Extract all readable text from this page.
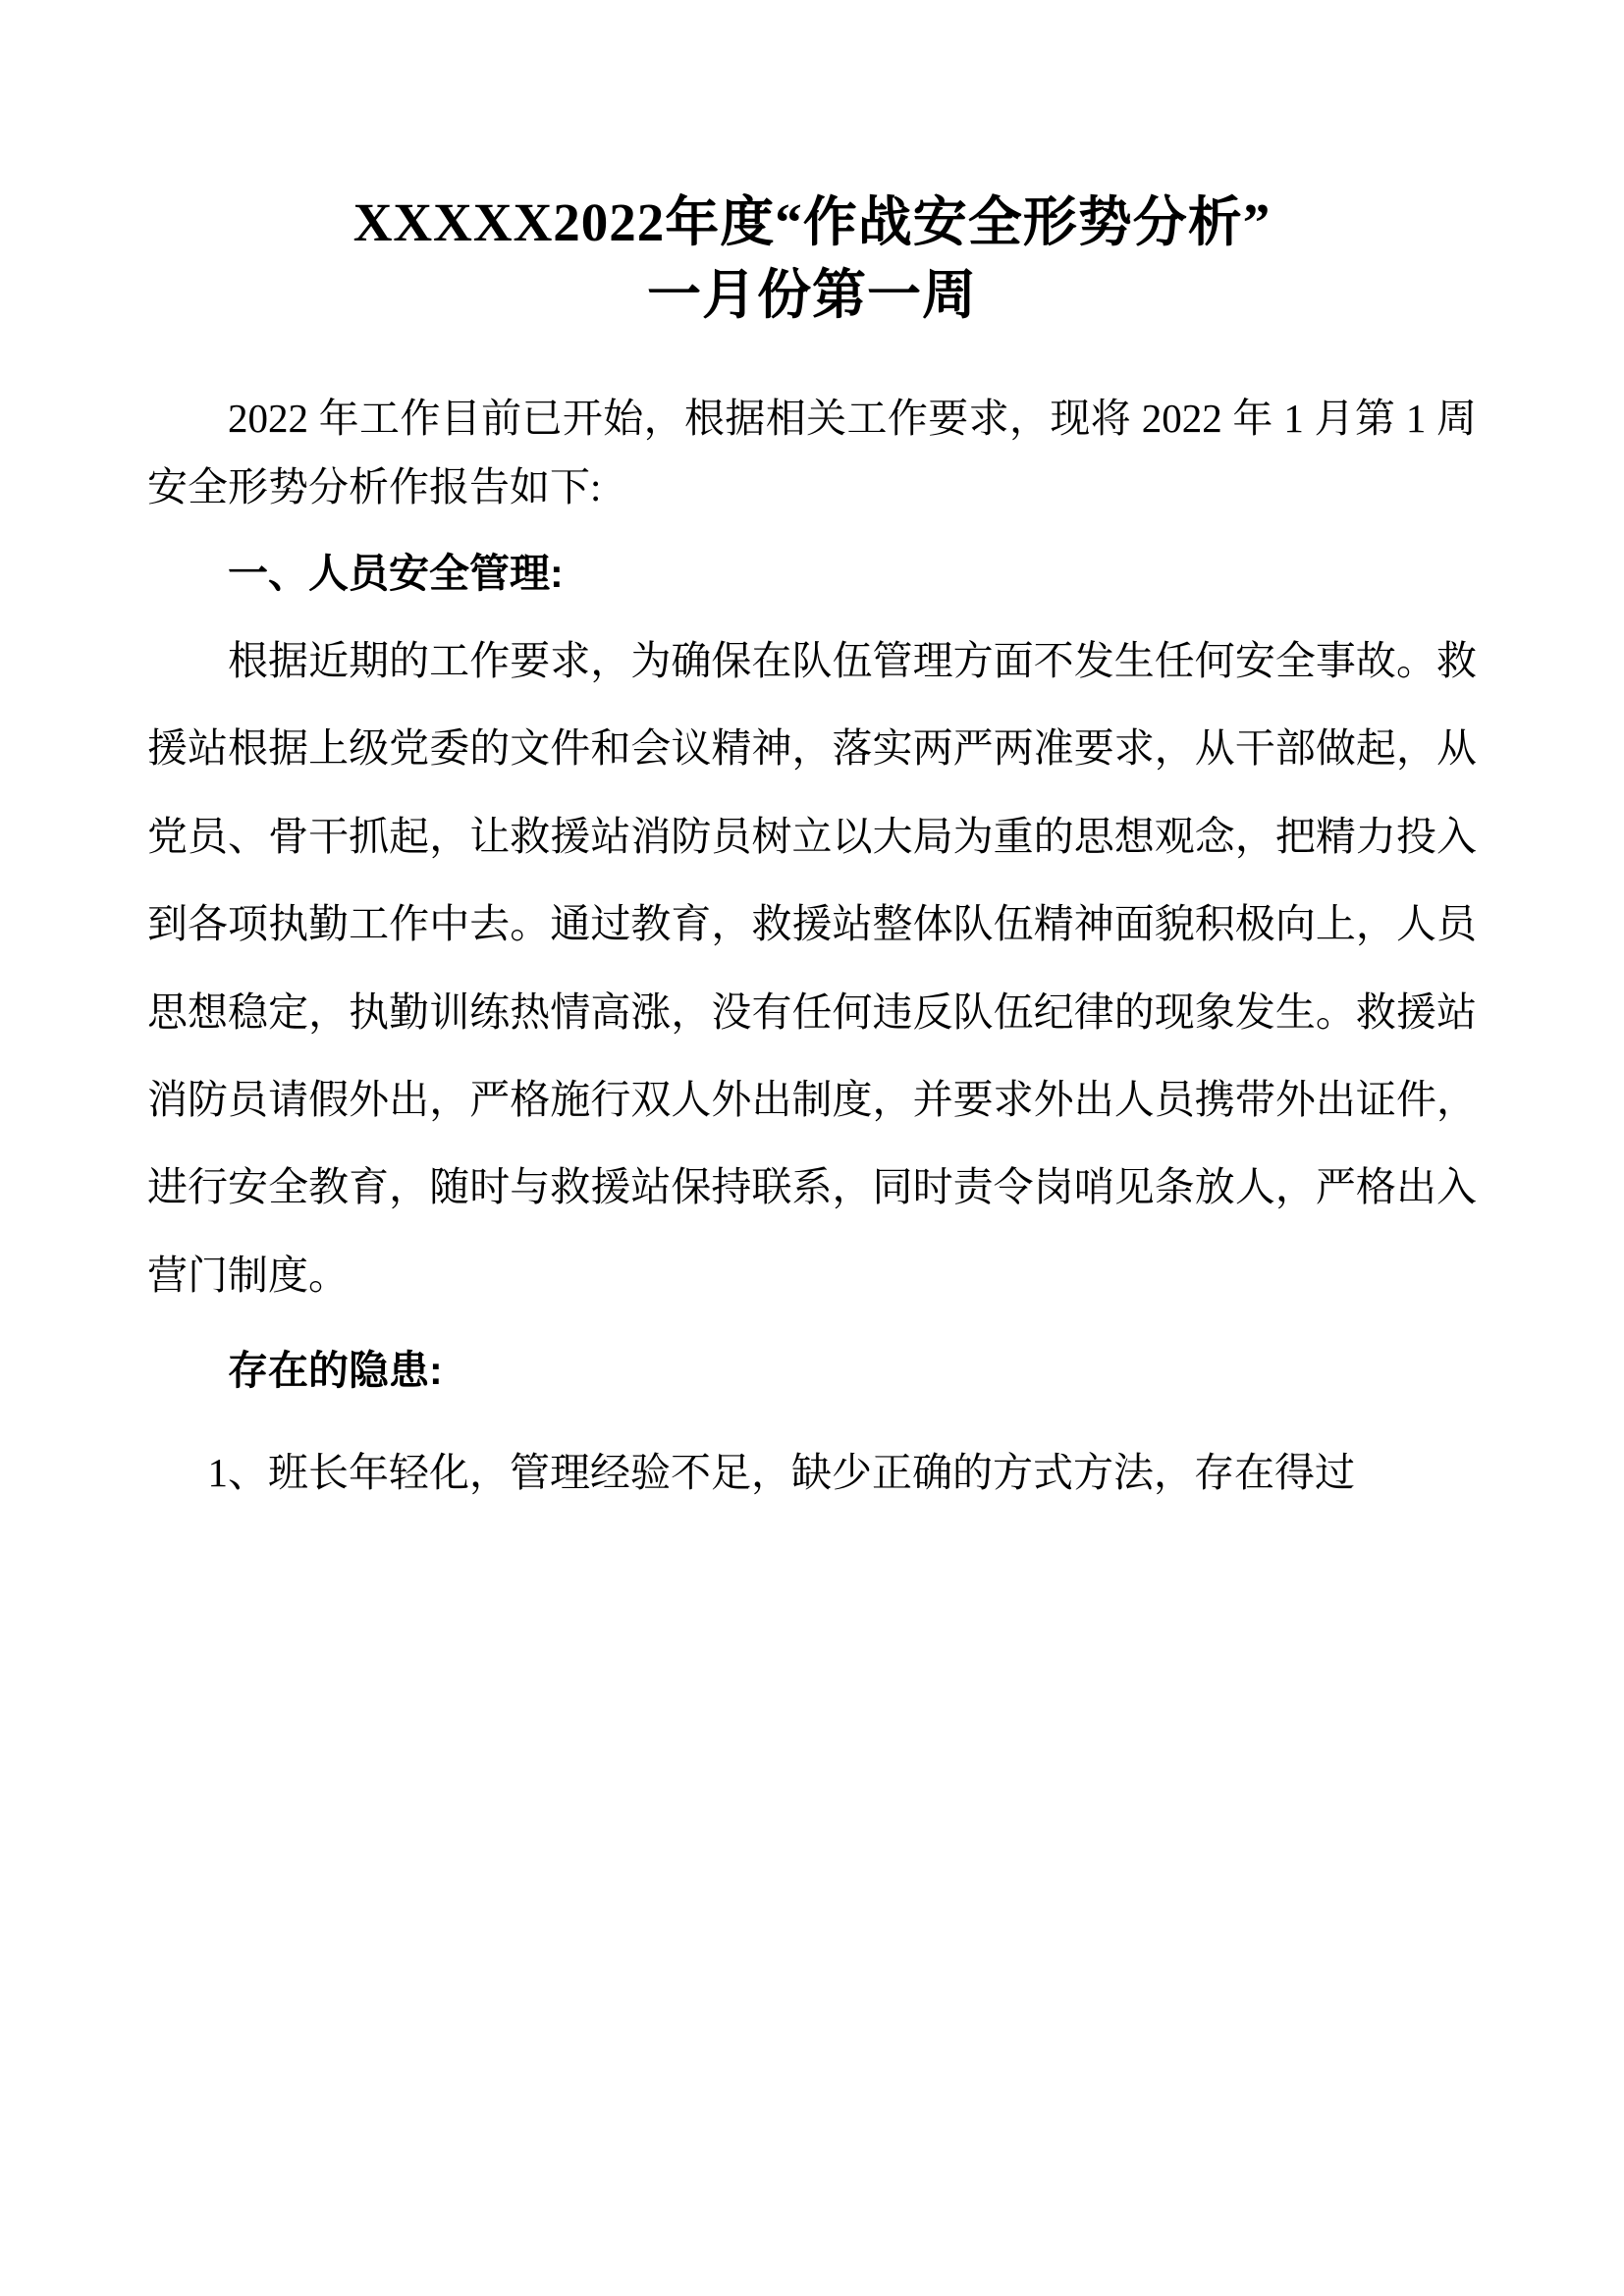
XXXXX2022年度“作战安全形势分析”
一月份第一周

2022 年工作目前已开始，根据相关工作要求，现将 2022 年 1 月第 1 周安全形势分析作报告如下:

一、人员安全管理:

根据近期的工作要求，为确保在队伍管理方面不发生任何安全事故。救援站根据上级党委的文件和会议精神，落实两严两准要求，从干部做起，从党员、骨干抓起，让救援站消防员树立以大局为重的思想观念，把精力投入到各项执勤工作中去。通过教育，救援站整体队伍精神面貌积极向上，人员思想稳定，执勤训练热情高涨，没有任何违反队伍纪律的现象发生。救援站消防员请假外出，严格施行双人外出制度，并要求外出人员携带外出证件，进行安全教育，随时与救援站保持联系，同时责令岗哨见条放人，严格出入营门制度。

存在的隐患:

1、班长年轻化，管理经验不足，缺少正确的方式方法，存在得过
